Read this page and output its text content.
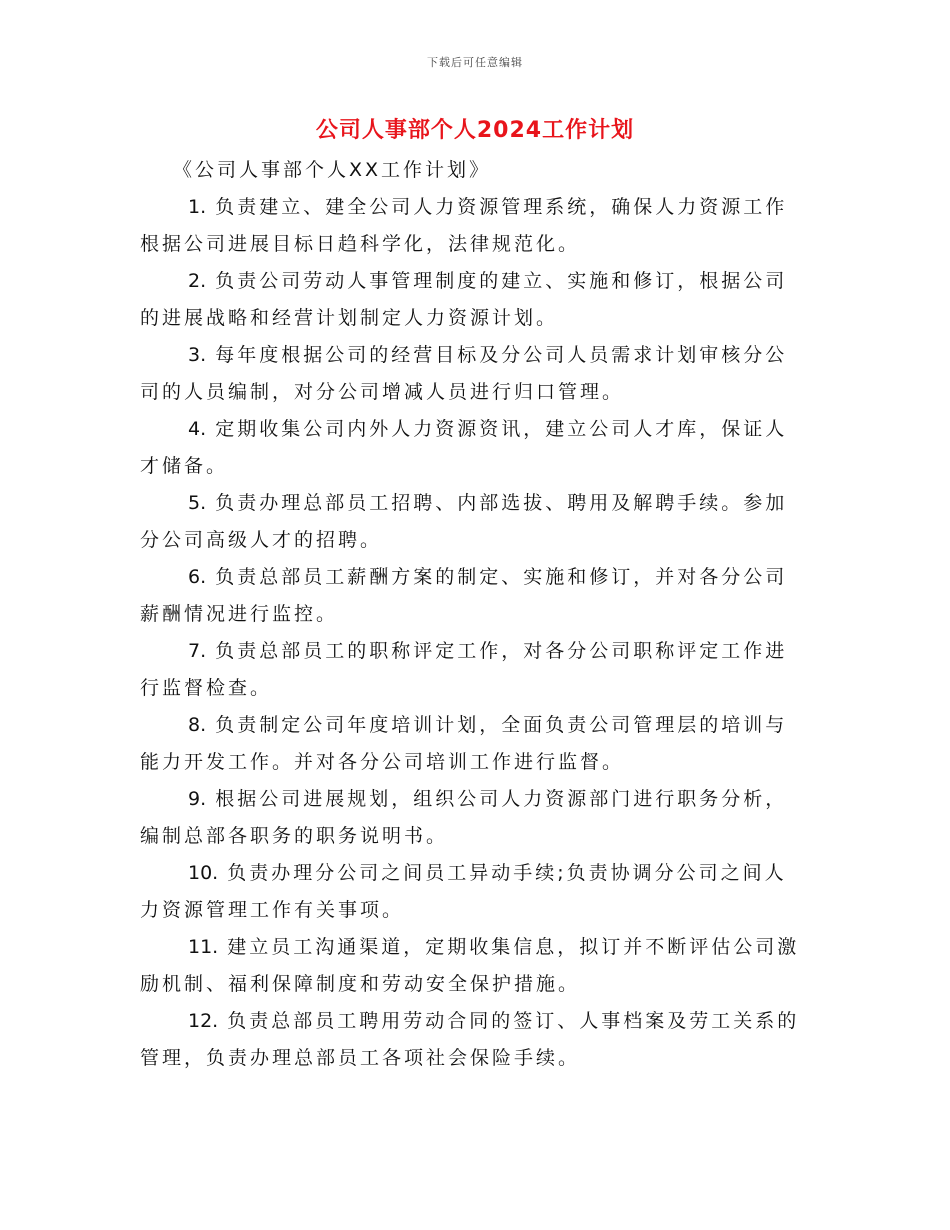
下载后可任意编辑
公司人事部个人2024工作计划

《公司人事部个人XX工作计划》

1. 负责建立、建全公司人力资源管理系统，确保人力资源工作根据公司进展目标日趋科学化，法律规范化。

2. 负责公司劳动人事管理制度的建立、实施和修订，根据公司的进展战略和经营计划制定人力资源计划。

3. 每年度根据公司的经营目标及分公司人员需求计划审核分公司的人员编制，对分公司增减人员进行归口管理。

4. 定期收集公司内外人力资源资讯，建立公司人才库，保证人才储备。

5. 负责办理总部员工招聘、内部选拔、聘用及解聘手续。参加分公司高级人才的招聘。

6. 负责总部员工薪酬方案的制定、实施和修订，并对各分公司薪酬情况进行监控。

7. 负责总部员工的职称评定工作，对各分公司职称评定工作进行监督检查。

8. 负责制定公司年度培训计划，全面负责公司管理层的培训与能力开发工作。并对各分公司培训工作进行监督。

9. 根据公司进展规划，组织公司人力资源部门进行职务分析，编制总部各职务的职务说明书。

10. 负责办理分公司之间员工异动手续;负责协调分公司之间人力资源管理工作有关事项。

11. 建立员工沟通渠道，定期收集信息，拟订并不断评估公司激励机制、福利保障制度和劳动安全保护措施。

12. 负责总部员工聘用劳动合同的签订、人事档案及劳工关系的管理，负责办理总部员工各项社会保险手续。
